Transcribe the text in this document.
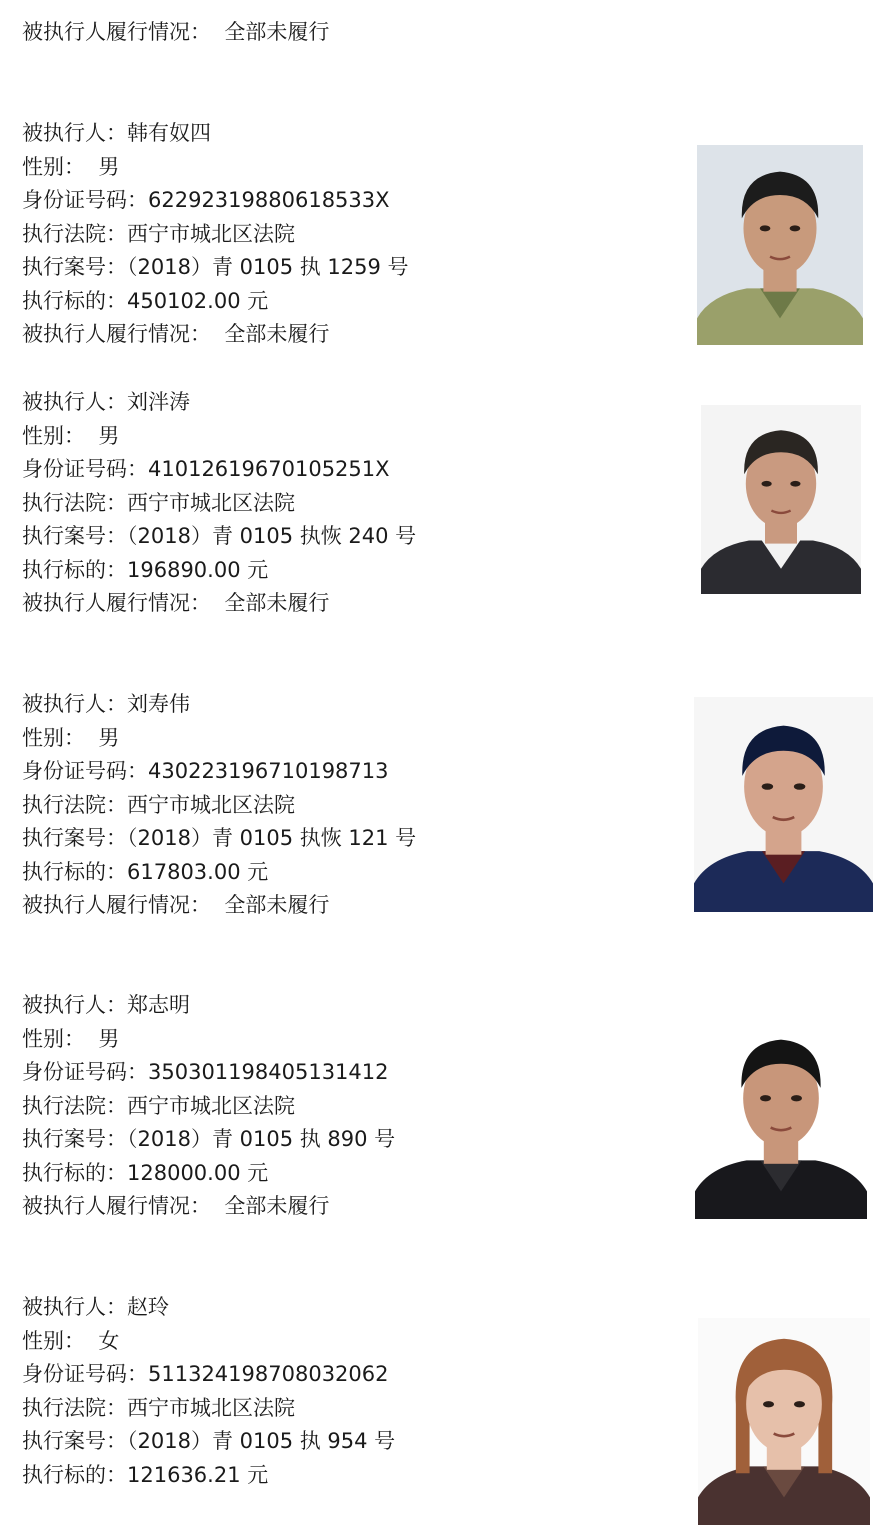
被执行人履行情况： 全部未履行
被执行人：韩有奴四
性别： 男
身份证号码：62292319880618533X
执行法院：西宁市城北区法院
执行案号：（2018）青 0105 执 1259 号
执行标的：450102.00 元
被执行人履行情况： 全部未履行
被执行人：刘泮涛
性别： 男
身份证号码：41012619670105251X
执行法院：西宁市城北区法院
执行案号：（2018）青 0105 执恢 240 号
执行标的：196890.00 元
被执行人履行情况： 全部未履行
被执行人：刘寿伟
性别： 男
身份证号码：430223196710198713
执行法院：西宁市城北区法院
执行案号：（2018）青 0105 执恢 121 号
执行标的：617803.00 元
被执行人履行情况： 全部未履行
被执行人：郑志明
性别： 男
身份证号码：350301198405131412
执行法院：西宁市城北区法院
执行案号：（2018）青 0105 执 890 号
执行标的：128000.00 元
被执行人履行情况： 全部未履行
被执行人：赵玲
性别： 女
身份证号码：511324198708032062
执行法院：西宁市城北区法院
执行案号：（2018）青 0105 执 954 号
执行标的：121636.21 元
